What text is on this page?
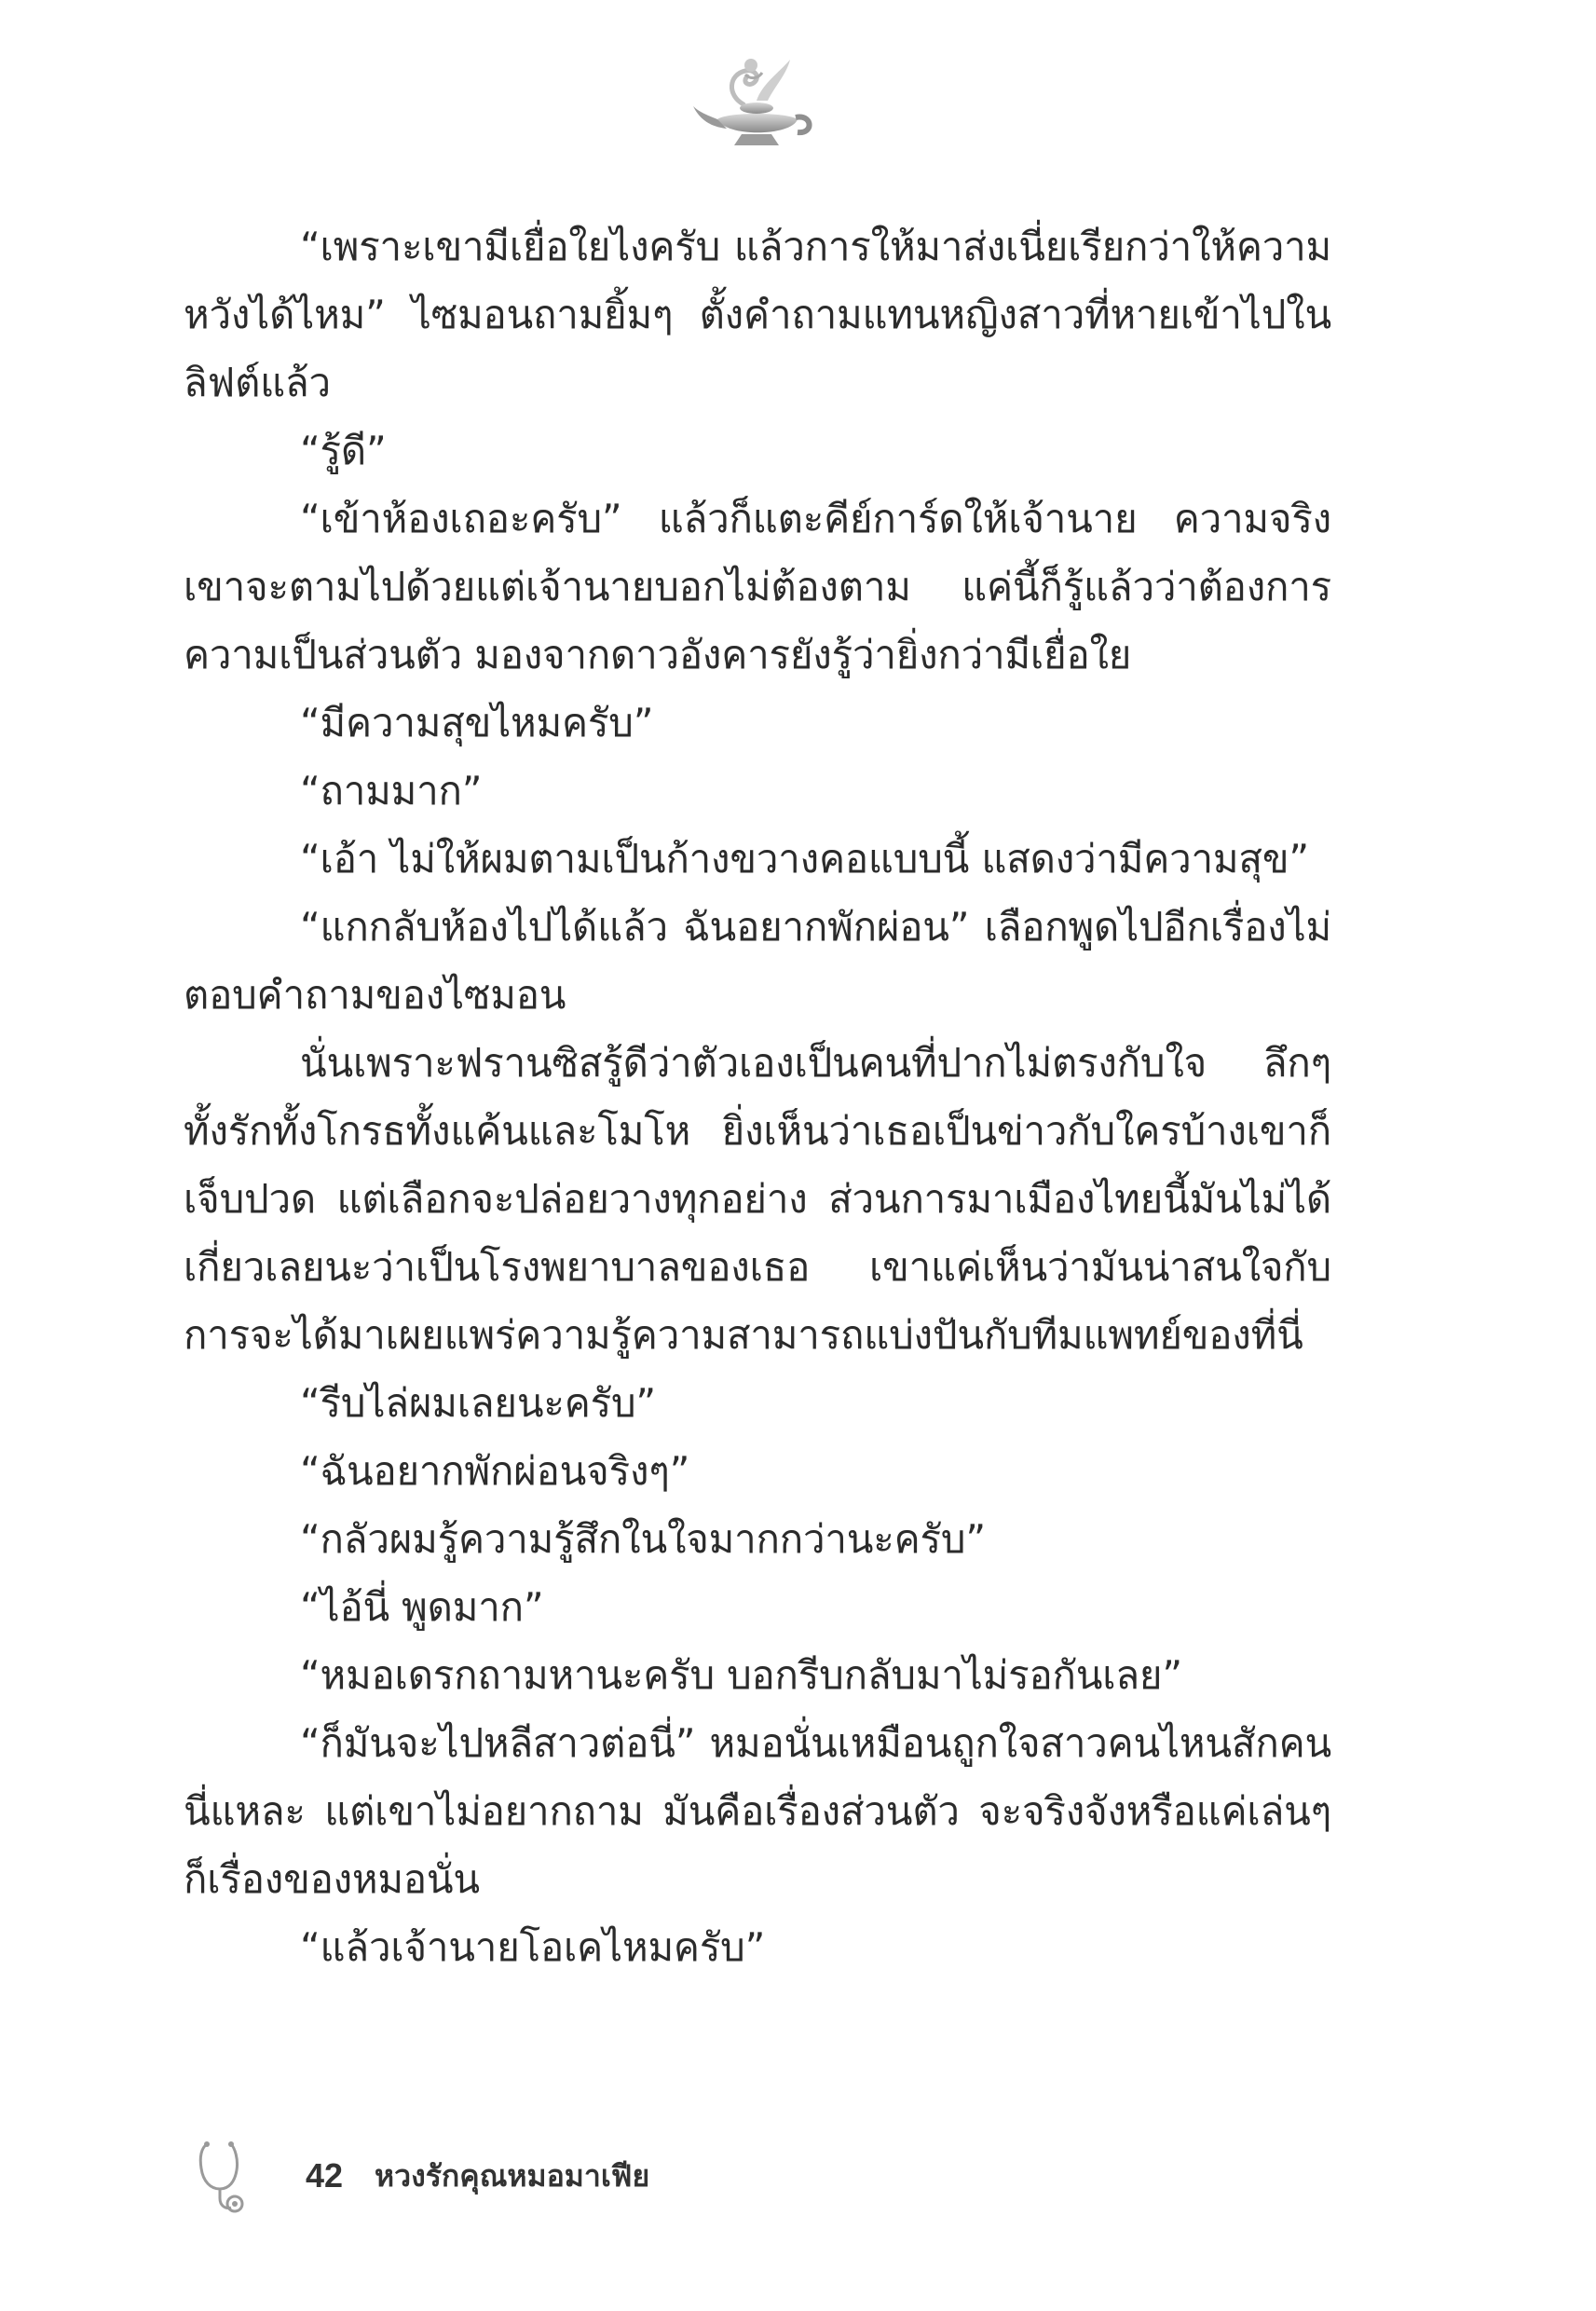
“เพราะเขามีเยื่อใยไงครับ แล้วการให้มาส่งเนี่ยเรียกว่าให้ความหวังได้ไหม” ไซมอนถามยิ้มๆ ตั้งคำถามแทนหญิงสาวที่หายเข้าไปในลิฟต์แล้ว

“รู้ดี”

“เข้าห้องเถอะครับ” แล้วก็แตะคีย์การ์ดให้เจ้านาย ความจริงเขาจะตามไปด้วยแต่เจ้านายบอกไม่ต้องตาม แค่นี้ก็รู้แล้วว่าต้องการความเป็นส่วนตัว มองจากดาวอังคารยังรู้ว่ายิ่งกว่ามีเยื่อใย

“มีความสุขไหมครับ”

“ถามมาก”

“เอ้า ไม่ให้ผมตามเป็นก้างขวางคอแบบนี้ แสดงว่ามีความสุข”

“แกกลับห้องไปได้แล้ว ฉันอยากพักผ่อน” เลือกพูดไปอีกเรื่องไม่ตอบคำถามของไซมอน

นั่นเพราะฟรานซิสรู้ดีว่าตัวเองเป็นคนที่ปากไม่ตรงกับใจ ลึกๆ ทั้งรักทั้งโกรธทั้งแค้นและโมโห ยิ่งเห็นว่าเธอเป็นข่าวกับใครบ้างเขาก็เจ็บปวด แต่เลือกจะปล่อยวางทุกอย่าง ส่วนการมาเมืองไทยนี้มันไม่ได้เกี่ยวเลยนะว่าเป็นโรงพยาบาลของเธอ เขาแค่เห็นว่ามันน่าสนใจกับการจะได้มาเผยแพร่ความรู้ความสามารถแบ่งปันกับทีมแพทย์ของที่นี่

“รีบไล่ผมเลยนะครับ”

“ฉันอยากพักผ่อนจริงๆ”

“กลัวผมรู้ความรู้สึกในใจมากกว่านะครับ”

“ไอ้นี่ พูดมาก”

“หมอเดรกถามหานะครับ บอกรีบกลับมาไม่รอกันเลย”

“ก็มันจะไปหลีสาวต่อนี่” หมอนั่นเหมือนถูกใจสาวคนไหนสักคนนี่แหละ แต่เขาไม่อยากถาม มันคือเรื่องส่วนตัว จะจริงจังหรือแค่เล่นๆ ก็เรื่องของหมอนั่น

“แล้วเจ้านายโอเคไหมครับ”

42 หวงรักคุณหมอมาเฟีย
